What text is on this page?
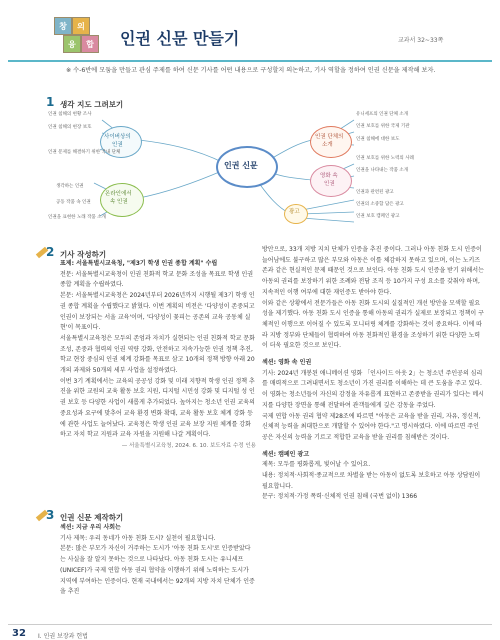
창	의
융	합	인권 신문 만들기	교과서 32~33쪽
※ 수-6반에 모둠을 만들고 관심 주제를 하여 신문 기사를 어떤 내용으로 구성할지 의논하고, 기사 역할을 정하여 인권 신문을 제작해 보자.
1 생각 지도 그려보기
사이버상의
인권
온라인에서
속 인권
인권 신문
인권 단체의
소개
영화 속
인권
광고
인권 침해의 현황 조사
인권 침해의 현장 보호
인권 문제를 해결하기 위한 국내 단체
생각하는 인권
공동 작품 속 인권
인권을 표현한 노래 작품 소개
유니세프의 인권 단체 소개
인권 보호를 위한 국제 기관
인권 침해에 대한 보도
인권 보호를 위한 노력의 사례
인권을 나타내는 작품 소개
인권과 관련된 광고
인권의 소중함 담은 광고
인권 보호 캠페인 광고
2 기사 작성하기

표제: 서울특별시교육청, "제3기 학생 인권 종합 계획" 수립

전문: 서울특별시교육청이 인권 친화적 학교 문화 조성을 목표로 학생 인권 종합 계획을 수립하였다.

본문: 서울특별시교육청은 2024년부터 2026년까지 시행될 제3기 학생 인권 종합 계획을 수립했다고 밝혔다. 이번 계획의 비전은 '다양성이 존중되고 인권이 보장되는 서울 교육'이며, '다양성이 꽃피는 공존의 교육 공동체 실현'이 목표이다.

서울특별시교육청은 모두의 존엄과 자치가 실현되는 인권 친화적 학교 문화 조성, 존중과 협력의 인권 역량 강화, 안전하고 지속가능한 인권 정책 추진, 학교 현장 중심의 인권 체계 강화를 목표로 삼고 10개의 정책 방향 아래 20개의 과제와 50개의 세부 사업을 설정하였다.

이번 3기 계획에서는 교육의 공공성 강화 및 미래 지향적 학생 인권 정책 추진을 위한 교원의 교육 활동 보호 지원, 디지털 시민성 강화 및 디지털 성 인권 보호 등 다양한 사업이 새롭게 추가되었다. 높아지는 청소년 인권 교육의 중요성과 요구에 맞추어 교육 환경 변화 확대, 교육 활동 보호 체계 강화 등에 관한 사업도 늘어났다. 교육청은 학생 인권 교육 보장 지원 체계를 강화하고 자치 학교 지원과 교육 자원을 지원해 나갈 계획이다.

— 서울특별시교육청, 2024. 6. 10. 보도자료 수정 인용

3 인권 신문 제작하기

섹션: 지금 우리 사회는

기사 제목: 우리 동네가 아동 친화 도시? 실천이 필요합니다.

본문: 많은 부모가 자신이 거주하는 도시가 '아동 친화 도시'로 인증받았다는 사실을 잘 알지 못하는 것으로 나타났다. 아동 친화 도시는 유니세프(UNICEF)가 국제 연합 아동 권리 협약을 이행하기 위해 노력하는 도시가 지역에 부여하는 인증이다. 현재 국내에서는 92개의 지방 자치 단체가 인증을 추진

방안으로, 33개 지방 지치 단체가 인증을 추진 중이다. 그러나 아동 친화 도시 인증이 늘어남에도 불구하고 많은 부모와 아동은 이를 체감하지 못하고 있으며, 이는 노키즈존과 같은 현실적인 문제 때문인 것으로 보인다. 아동 친화 도시 인증을 받기 위해서는 아동의 권리를 보장하기 위한 조례와 전담 조직 등 10가지 구성 요소를 갖춰야 하며, 지속적인 이행 여부에 대한 재인증도 받아야 한다.

이와 같은 상황에서 전문가들은 아동 친화 도시의 실질적인 개선 방안을 모색할 필요성을 제기했다. 아동 친화 도시 인증을 통해 아동의 권리가 실제로 보장되고 정책이 구체적인 이행으로 이어질 수 있도록 모니터링 체계를 강화하는 것이 중요하다. 이에 따라 지방 정부와 단체들이 협력하여 아동 친화적인 환경을 조성하기 위한 다양한 노력이 더욱 필요한 것으로 보인다.

섹션: 영화 속 인권

기사: 2024년 개봉된 애니메이션 영화 「인사이드 아웃 2」는 청소년 주인공의 심리를 매력적으로 그려내면서도 청소년이 가진 권리를 이해하는 데 큰 도움을 주고 있다. 이 영화는 청소년들이 자신의 감정을 자유롭게 표현하고 존중받을 권리가 있다는 메시지를 다양한 장면을 통해 전달하여 관객들에게 깊은 감동을 주었다.

국제 연합 아동 권리 협약 제28조에 따르면 "아동은 교육을 받을 권리, 자유, 정신적, 신체적 능력을 최대한으로 개발할 수 있어야 한다."고 명시하였다. 이에 따르면 주인공은 자신의 능력을 기르고 적합한 교육을 받을 권리를 침해받은 것이다.

섹션: 캠페인 광고

제목: 모두를 평화롭게, 빛어날 수 있어요.

내용: 정치적·사회적·종교적으로 차별을 받는 아동이 없도록 보호하고 아동 상담원이 필요합니다.

문구: 정치적·가정 폭력·신체적 인권 침해 (국번 없이) 1366

32 Ⅰ. 인권 보장과 헌법
